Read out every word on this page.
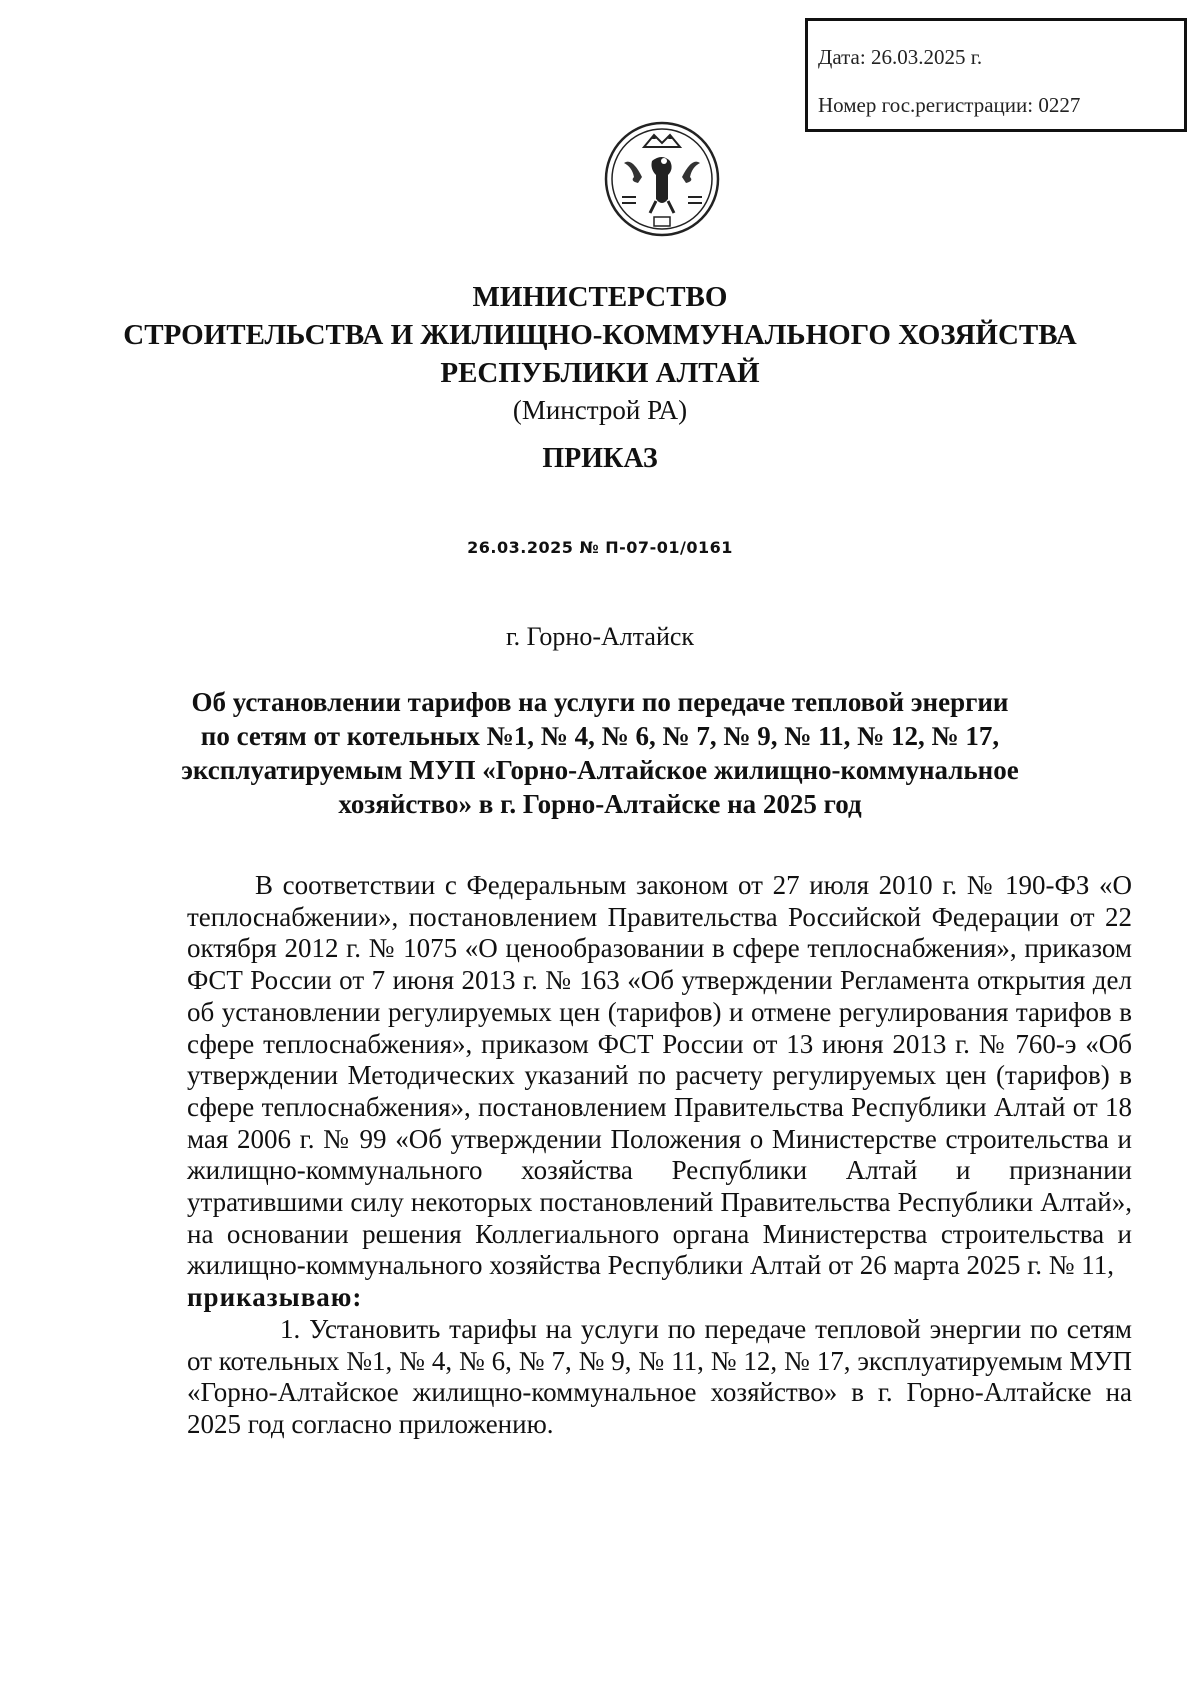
Дата: 26.03.2025 г.
Номер гос.регистрации: 0227
МИНИСТЕРСТВО
СТРОИТЕЛЬСТВА И ЖИЛИЩНО-КОММУНАЛЬНОГО ХОЗЯЙСТВА
РЕСПУБЛИКИ АЛТАЙ
(Минстрой РА)
ПРИКАЗ
26.03.2025 № П-07-01/0161
г. Горно-Алтайск
Об установлении тарифов на услуги по передаче тепловой энергии
по сетям от котельных №1, № 4, № 6, № 7, № 9, № 11, № 12, № 17,
эксплуатируемым МУП «Горно-Алтайское жилищно-коммунальное
хозяйство» в г. Горно-Алтайске на 2025 год

В соответствии с Федеральным законом от 27 июля 2010 г. № 190-ФЗ «О теплоснабжении», постановлением Правительства Российской Федерации от 22 октября 2012 г. № 1075 «О ценообразовании в сфере теплоснабжения», приказом ФСТ России от 7 июня 2013 г. № 163 «Об утверждении Регламента открытия дел об установлении регулируемых цен (тарифов) и отмене регулирования тарифов в сфере теплоснабжения», приказом ФСТ России от 13 июня 2013 г. № 760-э «Об утверждении Методических указаний по расчету регулируемых цен (тарифов) в сфере теплоснабжения», постановлением Правительства Республики Алтай от 18 мая 2006 г. № 99 «Об утверждении Положения о Министерстве строительства и жилищно-коммунального хозяйства Республики Алтай и признании утратившими силу некоторых постановлений Правительства Республики Алтай», на основании решения Коллегиального органа Министерства строительства и жилищно-коммунального хозяйства Республики Алтай от 26 марта 2025 г. № 11,

приказываю:

1. Установить тарифы на услуги по передаче тепловой энергии по сетям от котельных №1, № 4, № 6, № 7, № 9, № 11, № 12, № 17, эксплуатируемым МУП «Горно-Алтайское жилищно-коммунальное хозяйство» в г. Горно-Алтайске на 2025 год согласно приложению.
